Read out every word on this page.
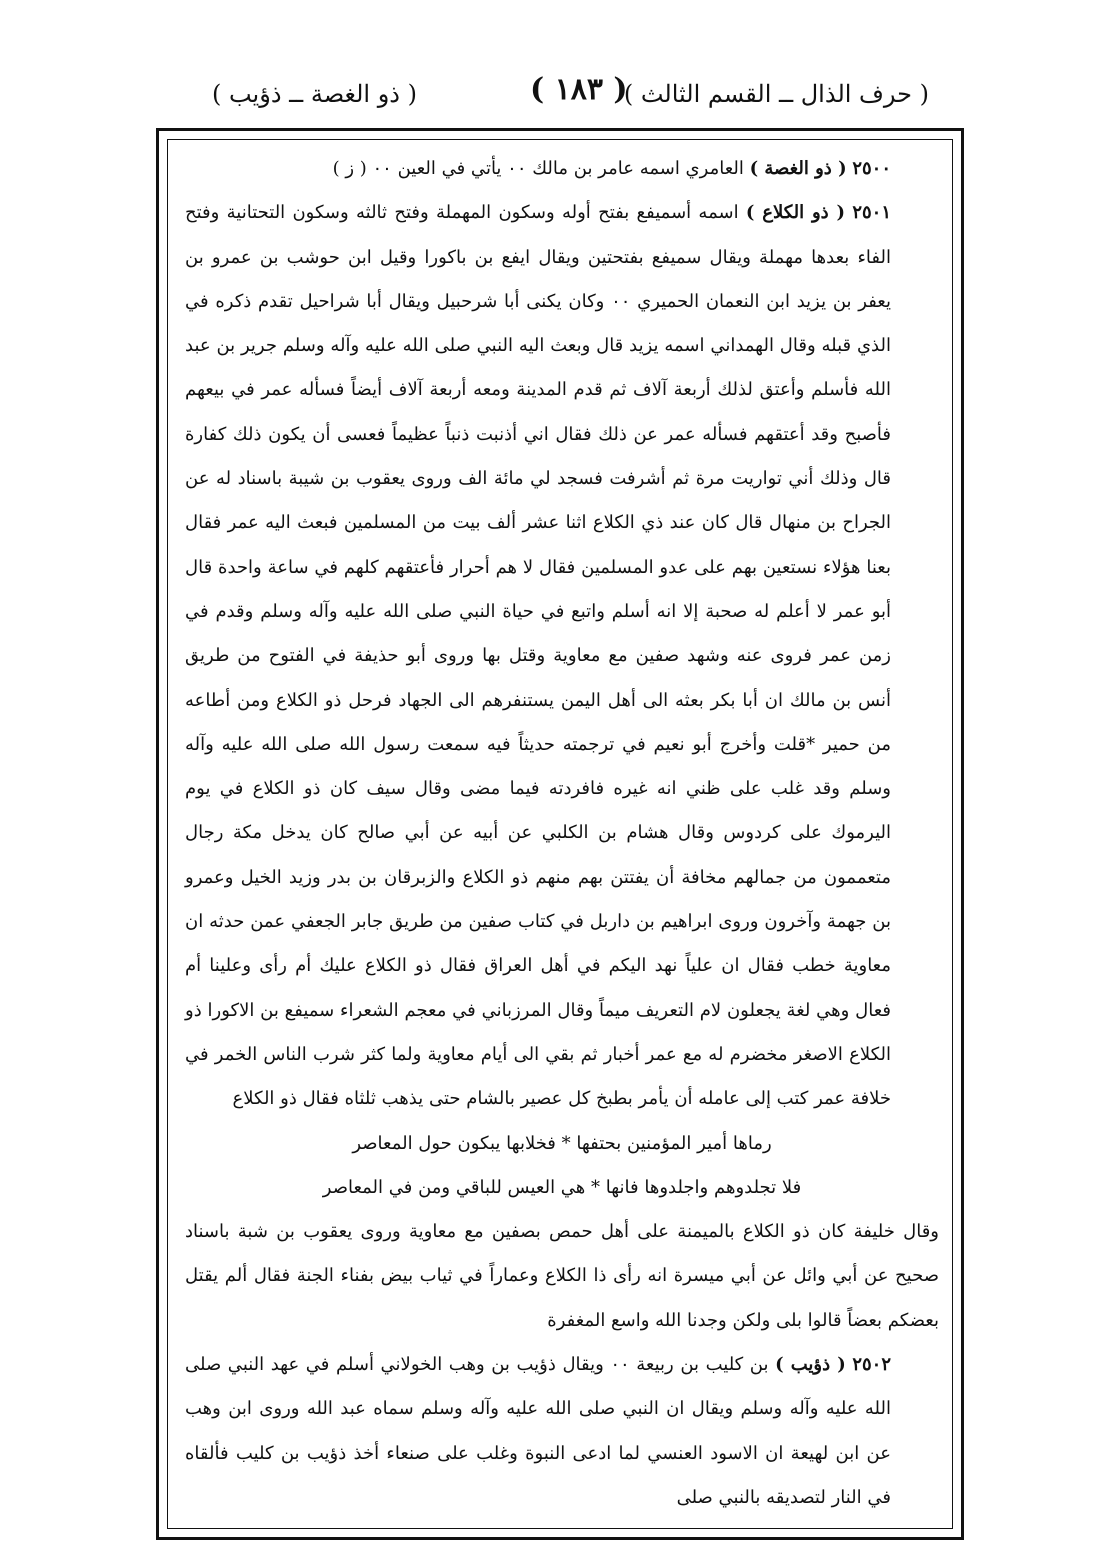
( حرف الذال ــ القسم الثالث )
( ١٨٣ )
( ذو الغصة ــ ذؤيب )

٢٥٠٠ ( ذو الغصة ) العامري اسمه عامر بن مالك ٠٠ يأتي في العين ٠٠ ( ز )

٢٥٠١ ( ذو الكلاع ) اسمه أسميفع بفتح أوله وسكون المهملة وفتح ثالثه وسكون التحتانية وفتح الفاء بعدها مهملة ويقال سميفع بفتحتين ويقال ايفع بن باكورا وقيل ابن حوشب بن عمرو بن يعفر بن يزيد ابن النعمان الحميري ٠٠ وكان يكنى أبا شرحبيل ويقال أبا شراحيل تقدم ذكره في الذي قبله وقال الهمداني اسمه يزيد قال وبعث اليه النبي صلى الله عليه وآله وسلم جرير بن عبد الله فأسلم وأعتق لذلك أربعة آلاف ثم قدم المدينة ومعه أربعة آلاف أيضاً فسأله عمر في بيعهم فأصبح وقد أعتقهم فسأله عمر عن ذلك فقال اني أذنبت ذنباً عظيماً فعسى أن يكون ذلك كفارة قال وذلك أني تواريت مرة ثم أشرفت فسجد لي مائة الف وروى يعقوب بن شيبة باسناد له عن الجراح بن منهال قال كان عند ذي الكلاع اثنا عشر ألف بيت من المسلمين فبعث اليه عمر فقال بعنا هؤلاء نستعين بهم على عدو المسلمين فقال لا هم أحرار فأعتقهم كلهم في ساعة واحدة قال أبو عمر لا أعلم له صحبة إلا انه أسلم واتبع في حياة النبي صلى الله عليه وآله وسلم وقدم في زمن عمر فروى عنه وشهد صفين مع معاوية وقتل بها وروى أبو حذيفة في الفتوح من طريق أنس بن مالك ان أبا بكر بعثه الى أهل اليمن يستنفرهم الى الجهاد فرحل ذو الكلاع ومن أطاعه من حمير *قلت وأخرج أبو نعيم في ترجمته حديثاً فيه سمعت رسول الله صلى الله عليه وآله وسلم وقد غلب على ظني انه غيره فافردته فيما مضى وقال سيف كان ذو الكلاع في يوم اليرموك على كردوس وقال هشام بن الكلبي عن أبيه عن أبي صالح كان يدخل مكة رجال متعممون من جمالهم مخافة أن يفتتن بهم منهم ذو الكلاع والزبرقان بن بدر وزيد الخيل وعمرو بن جهمة وآخرون وروى ابراهيم بن داربل في كتاب صفين من طريق جابر الجعفي عمن حدثه ان معاوية خطب فقال ان علياً نهد اليكم في أهل العراق فقال ذو الكلاع عليك أم رأى وعلينا أم فعال وهي لغة يجعلون لام التعريف ميماً وقال المرزباني في معجم الشعراء سميفع بن الاكورا ذو الكلاع الاصغر مخضرم له مع عمر أخبار ثم بقي الى أيام معاوية ولما كثر شرب الناس الخمر في خلافة عمر كتب إلى عامله أن يأمر بطبخ كل عصير بالشام حتى يذهب ثلثاه فقال ذو الكلاع

رماها أمير المؤمنين بحتفها * فخلابها يبكون حول المعاصر

فلا تجلدوهم واجلدوها فانها * هي العيس للباقي ومن في المعاصر

وقال خليفة كان ذو الكلاع بالميمنة على أهل حمص بصفين مع معاوية وروى يعقوب بن شبة باسناد صحيح عن أبي وائل عن أبي ميسرة انه رأى ذا الكلاع وعماراً في ثياب بيض بفناء الجنة فقال ألم يقتل بعضكم بعضاً قالوا بلى ولكن وجدنا الله واسع المغفرة

٢٥٠٢ ( ذؤيب ) بن كليب بن ربيعة ٠٠ ويقال ذؤيب بن وهب الخولاني أسلم في عهد النبي صلى الله عليه وآله وسلم ويقال ان النبي صلى الله عليه وآله وسلم سماه عبد الله وروى ابن وهب عن ابن لهيعة ان الاسود العنسي لما ادعى النبوة وغلب على صنعاء أخذ ذؤيب بن كليب فألقاه في النار لتصديقه بالنبي صلى
